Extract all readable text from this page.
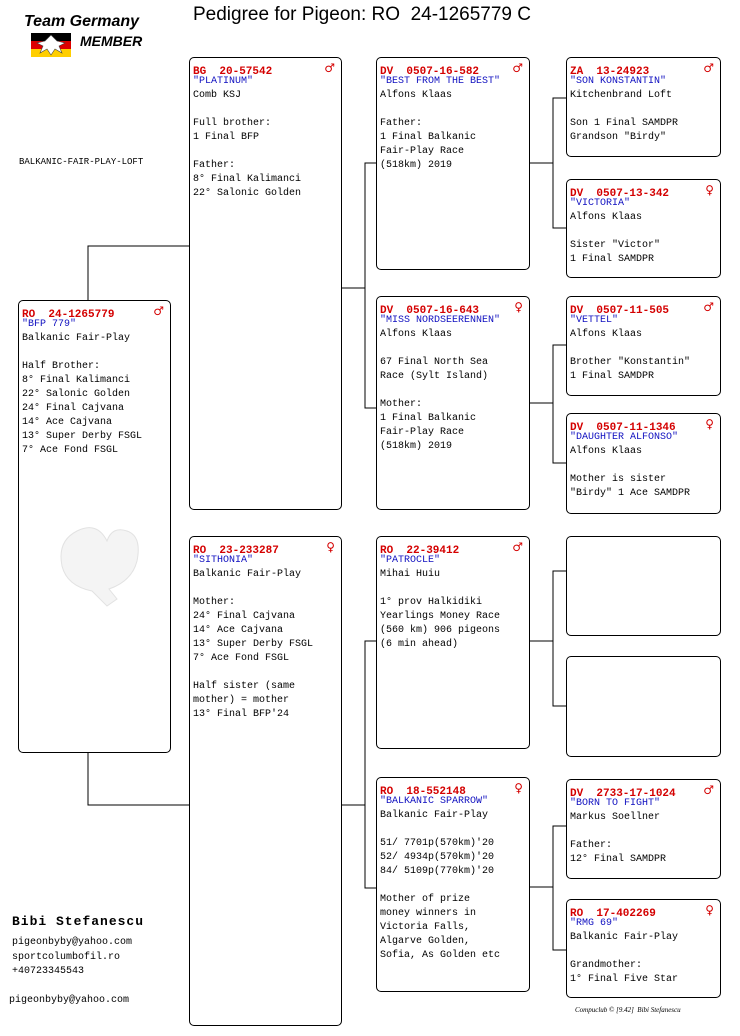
Team Germany
MEMBER
Pedigree for Pigeon: RO  24-1265779 C
BALKANIC-FAIR-PLAY-LOFT
RO  24-1265779	♂
"BFP 779"
Balkanic Fair-Play

Half Brother:
8° Final Kalimanci
22° Salonic Golden
24° Final Cajvana
14° Ace Cajvana
13° Super Derby FSGL
7° Ace Fond FSGL
BG  20-57542	♂
"PLATINUM"
Comb KSJ

Full brother:
1 Final BFP

Father:
8° Final Kalimanci
22° Salonic Golden
RO  23-233287	♀
"SITHONIA"
Balkanic Fair-Play

Mother:
24° Final Cajvana
14° Ace Cajvana
13° Super Derby FSGL
7° Ace Fond FSGL

Half sister (same
mother) = mother
13° Final BFP'24
DV  0507-16-582	♂
"BEST FROM THE BEST"
Alfons Klaas

Father:
1 Final Balkanic
Fair-Play Race
(518km) 2019
DV  0507-16-643	♀
"MISS NORDSEERENNEN"
Alfons Klaas

67 Final North Sea
Race (Sylt Island)

Mother:
1 Final Balkanic
Fair-Play Race
(518km) 2019
RO  22-39412	♂
"PATROCLE"
Mihai Huiu

1° prov Halkidiki
Yearlings Money Race
(560 km) 906 pigeons
(6 min ahead)
RO  18-552148	♀
"BALKANIC SPARROW"
Balkanic Fair-Play

51/ 7701p(570km)'20
52/ 4934p(570km)'20
84/ 5109p(770km)'20

Mother of prize
money winners in
Victoria Falls,
Algarve Golden,
Sofia, As Golden etc
ZA  13-24923	♂
"SON KONSTANTIN"
Kitchenbrand Loft

Son 1 Final SAMDPR
Grandson "Birdy"
DV  0507-13-342	♀
"VICTORIA"
Alfons Klaas

Sister "Victor"
1 Final SAMDPR
DV  0507-11-505	♂
"VETTEL"
Alfons Klaas

Brother "Konstantin"
1 Final SAMDPR
DV  0507-11-1346 ♀
"DAUGHTER ALFONSO"
Alfons Klaas

Mother is sister
"Birdy" 1 Ace SAMDPR
DV  2733-17-1024 ♂
"BORN TO FIGHT"
Markus Soellner

Father:
12° Final SAMDPR
RO  17-402269	♀
"RMG 69"
Balkanic Fair-Play

Grandmother:
1° Final Five Star
Bibi Stefanescu
pigeonbyby@yahoo.com
sportcolumbofil.ro
+40723345543
pigeonbyby@yahoo.com
Compuclub © [9.42]  Bibi Stefanescu
